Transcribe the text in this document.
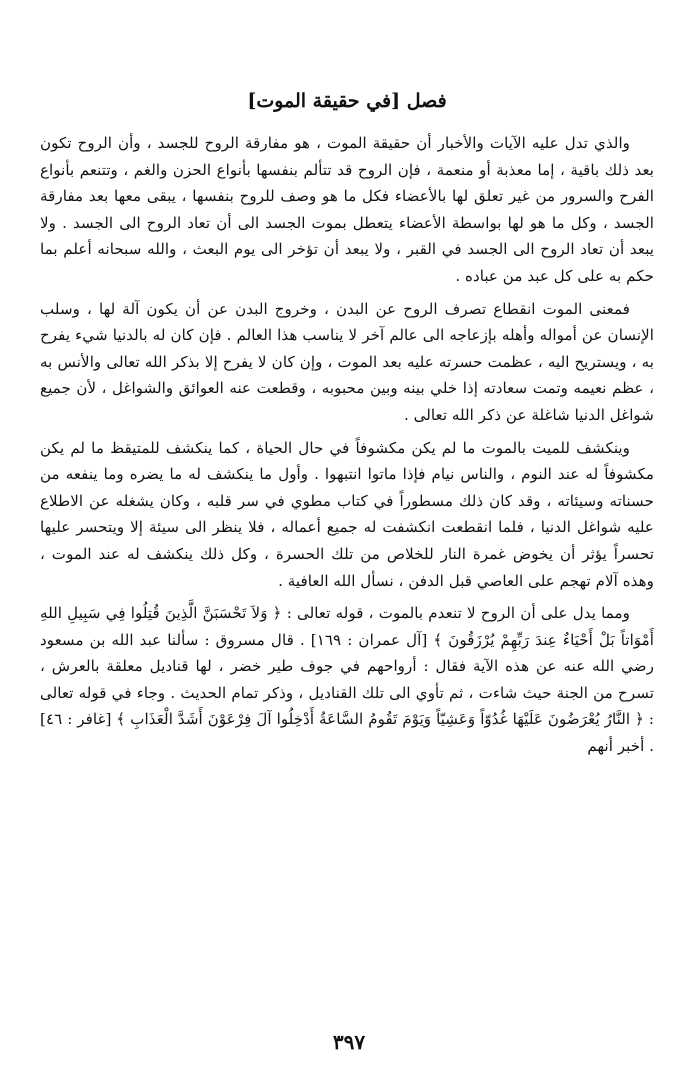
فصل [في حقيقة الموت]

والذي تدل عليه الآيات والأخبار أن حقيقة الموت ، هو مفارقة الروح للجسد ، وأن الروح تكون بعد ذلك باقية ، إما معذبة أو منعمة ، فإن الروح قد تتألم بنفسها بأنواع الحزن والغم ، وتتنعم بأنواع الفرح والسرور من غير تعلق لها بالأعضاء فكل ما هو وصف للروح بنفسها ، يبقى معها بعد مفارقة الجسد ، وكل ما هو لها بواسطة الأعضاء يتعطل بموت الجسد الى أن تعاد الروح الى الجسد . ولا يبعد أن تعاد الروح الى الجسد في القبر ، ولا يبعد أن تؤخر الى يوم البعث ، والله سبحانه أعلم بما حكم به على كل عبد من عباده .

فمعنى الموت انقطاع تصرف الروح عن البدن ، وخروج البدن عن أن يكون آلة لها ، وسلب الإنسان عن أمواله وأهله بإزعاجه الى عالم آخر لا يناسب هذا العالم . فإن كان له بالدنيا شيء يفرح به ، ويستريح اليه ، عظمت حسرته عليه بعد الموت ، وإن كان لا يفرح إلا بذكر الله تعالى والأنس به ، عظم نعيمه وتمت سعادته إذا خلي بينه وبين محبوبه ، وقطعت عنه العوائق والشواغل ، لأن جميع شواغل الدنيا شاغلة عن ذكر الله تعالى .

وينكشف للميت بالموت ما لم يكن مكشوفاً في حال الحياة ، كما ينكشف للمتيقظ ما لم يكن مكشوفاً له عند النوم ، والناس نيام فإذا ماتوا انتبهوا . وأول ما ينكشف له ما يضره وما ينفعه من حسناته وسيئاته ، وقد كان ذلك مسطوراً في كتاب مطوي في سر قلبه ، وكان يشغله عن الاطلاع عليه شواغل الدنيا ، فلما انقطعت انكشفت له جميع أعماله ، فلا ينظر الى سيئة إلا ويتحسر عليها تحسراً يؤثر أن يخوض غمرة النار للخلاص من تلك الحسرة ، وكل ذلك ينكشف له عند الموت ، وهذه آلام تهجم على العاصي قبل الدفن ، نسأل الله العافية .

ومما يدل على أن الروح لا تنعدم بالموت ، قوله تعالى : ﴿ وَلاَ تَحْسَبَنَّ الَّذِينَ قُتِلُوا فِي سَبِيلِ اللهِ أَمْوَاتاً بَلْ أَحْيَاءٌ عِندَ رَبِّهِمْ يُرْزَقُونَ ﴾ [آل عمران : ١٦٩] . قال مسروق : سألنا عبد الله بن مسعود رضي الله عنه عن هذه الآية فقال : أرواحهم في جوف طير خضر ، لها قناديل معلقة بالعرش ، تسرح من الجنة حيث شاءت ، ثم تأوي الى تلك القناديل ، وذكر تمام الحديث . وجاء في قوله تعالى : ﴿ النَّارُ يُعْرَضُونَ عَلَيْهَا غُدُوّاً وَعَشِيّاً وَيَوْمَ تَقُومُ السَّاعَةُ أَدْخِلُوا آلَ فِرْعَوْنَ أَشَدَّ الْعَذَابِ ﴾ [غافر : ٤٦] . أخبر أنهم

٣٩٧
